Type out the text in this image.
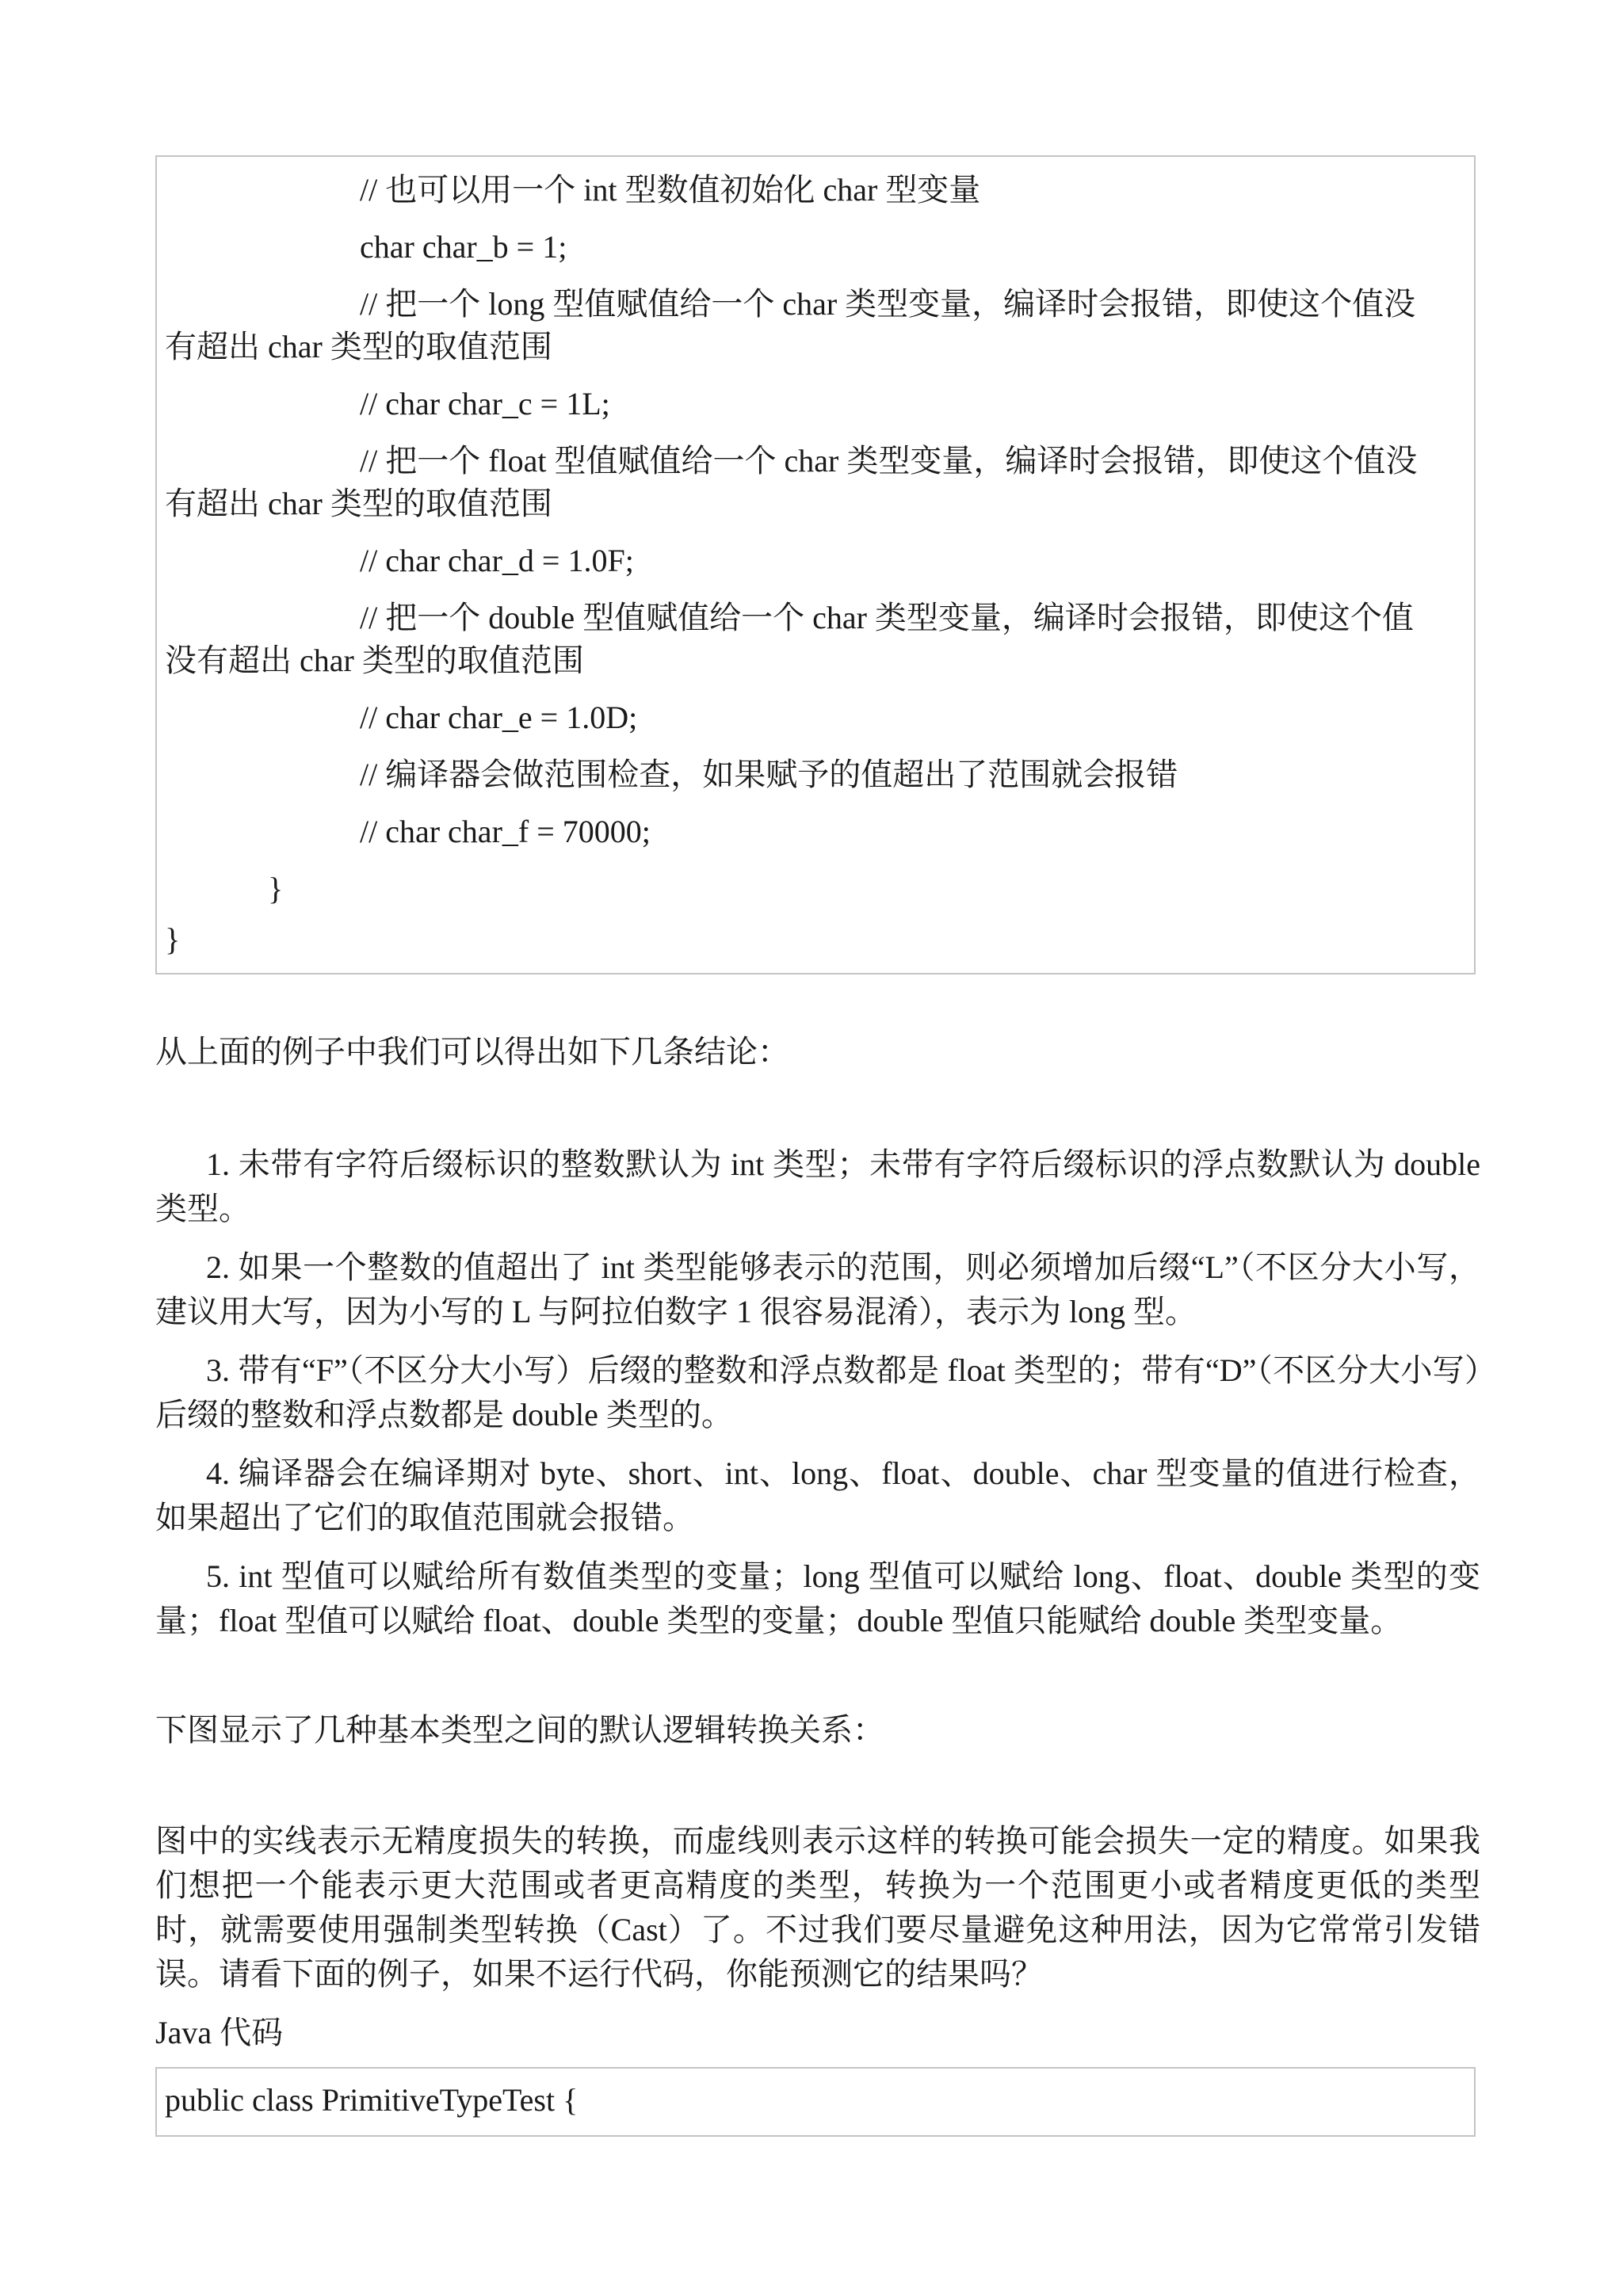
// 也可以用一个 int 型数值初始化 char 型变量
char char_b = 1;
// 把一个 long 型值赋值给一个 char 类型变量，编译时会报错，即使这个值没
有超出 char 类型的取值范围
// char char_c = 1L;
// 把一个 float 型值赋值给一个 char 类型变量，编译时会报错，即使这个值没
有超出 char 类型的取值范围
// char char_d = 1.0F;
// 把一个 double 型值赋值给一个 char 类型变量，编译时会报错，即使这个值
没有超出 char 类型的取值范围
// char char_e = 1.0D;
// 编译器会做范围检查，如果赋予的值超出了范围就会报错
// char char_f = 70000;
}
}
从上面的例子中我们可以得出如下几条结论：
1. 未带有字符后缀标识的整数默认为 int 类型；未带有字符后缀标识的浮点数默认为 double 类型。
2. 如果一个整数的值超出了 int 类型能够表示的范围，则必须增加后缀“L”（不区分大小写，建议用大写，因为小写的 L 与阿拉伯数字 1 很容易混淆），表示为 long 型。
3. 带有“F”（不区分大小写）后缀的整数和浮点数都是 float 类型的；带有“D”（不区分大小写）后缀的整数和浮点数都是 double 类型的。
4. 编译器会在编译期对 byte、short、int、long、float、double、char 型变量的值进行检查，如果超出了它们的取值范围就会报错。
5. int 型值可以赋给所有数值类型的变量；long 型值可以赋给 long、float、double 类型的变量；float 型值可以赋给 float、double 类型的变量；double 型值只能赋给 double 类型变量。
下图显示了几种基本类型之间的默认逻辑转换关系：
图中的实线表示无精度损失的转换，而虚线则表示这样的转换可能会损失一定的精度。如果我们想把一个能表示更大范围或者更高精度的类型，转换为一个范围更小或者精度更低的类型时，就需要使用强制类型转换（Cast）了。不过我们要尽量避免这种用法，因为它常常引发错误。请看下面的例子，如果不运行代码，你能预测它的结果吗？
Java 代码
public class PrimitiveTypeTest {
